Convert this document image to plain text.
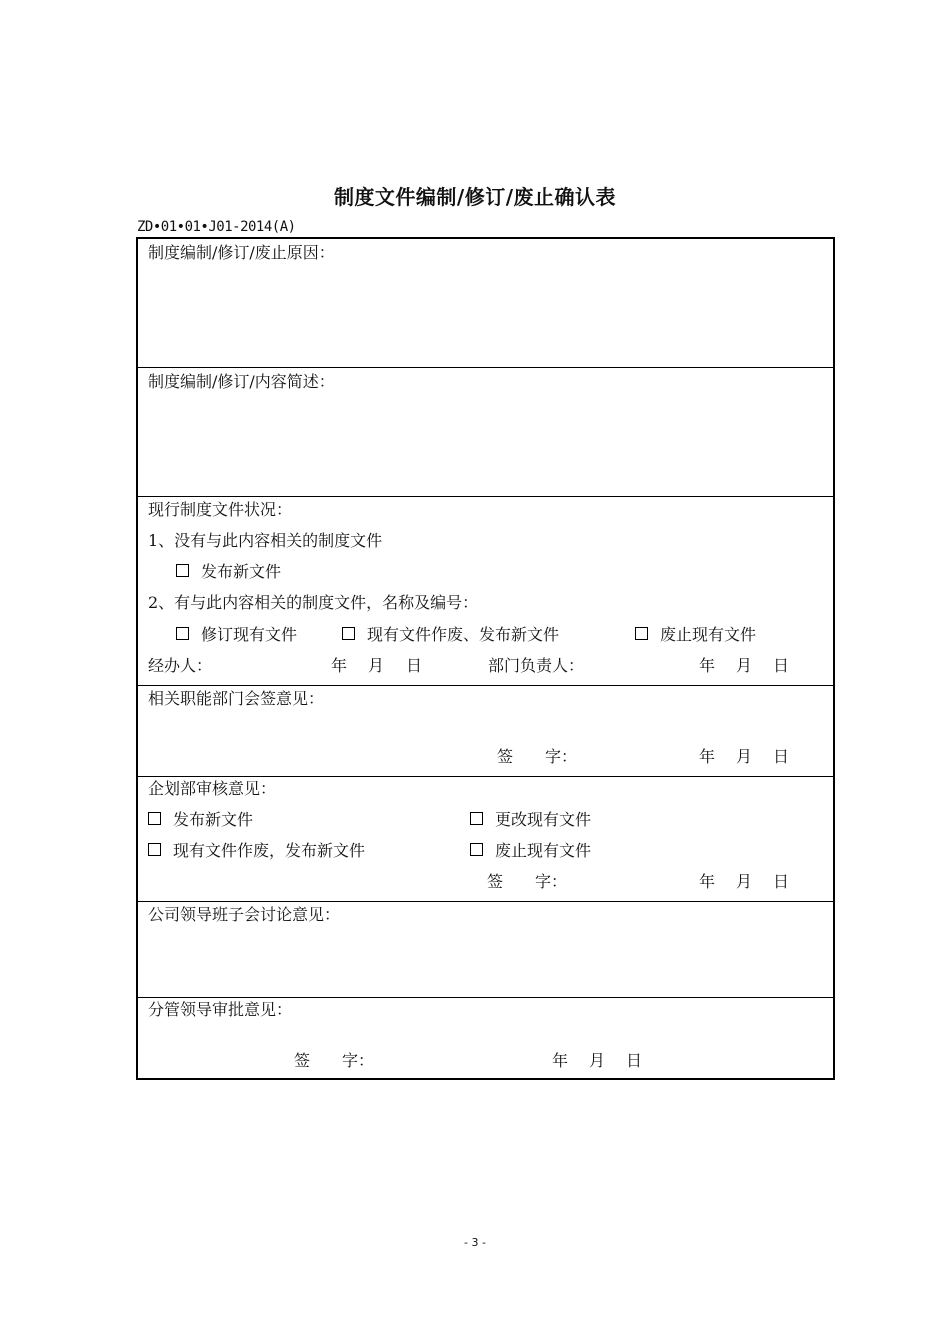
制度文件编制/修订/废止确认表
ZD•01•01•J01-2014(A)
制度编制/修订/废止原因：
制度编制/修订/内容简述：
现行制度文件状况：
1、没有与此内容相关的制度文件
发布新文件
2、有与此内容相关的制度文件，名称及编号：
修订现有文件	现有文件作废、发布新文件	废止现有文件
经办人：	年 月 日	部门负责人：	年 月 日
相关职能部门会签意见：
签　　字：	年 月 日
企划部审核意见：
发布新文件	更改现有文件
现有文件作废，发布新文件	废止现有文件
签　　字：	年 月 日
公司领导班子会讨论意见：
分管领导审批意见：
签　　字：	年 月 日
- 3 -
